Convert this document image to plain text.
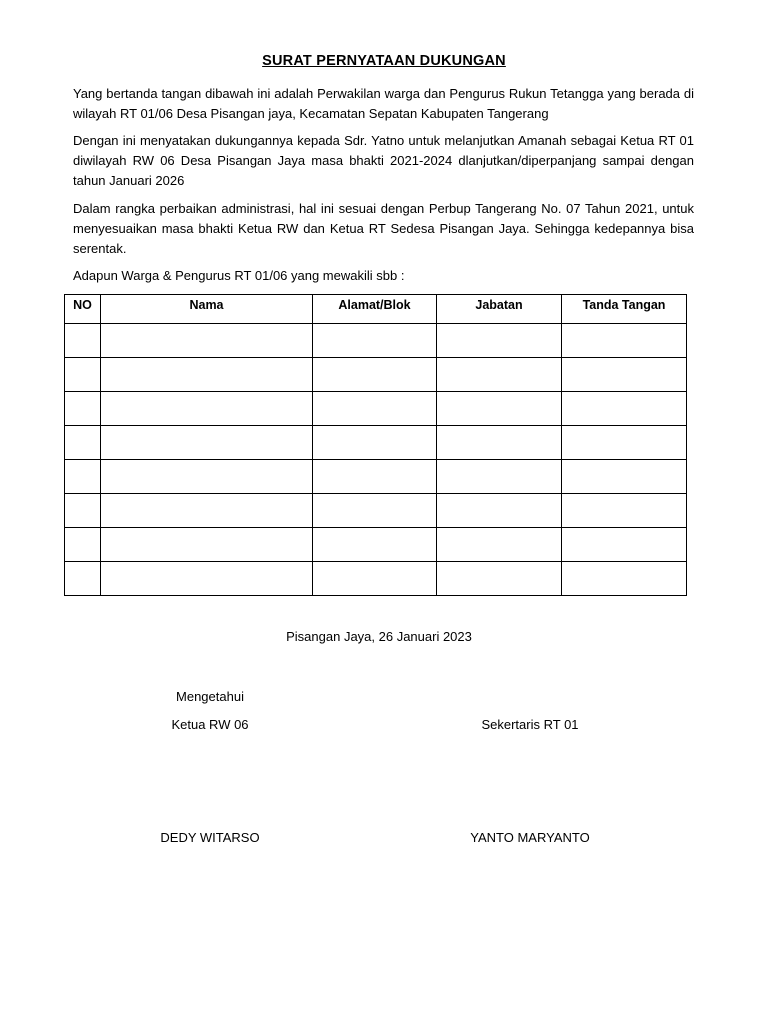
SURAT PERNYATAAN DUKUNGAN

Yang bertanda tangan dibawah ini adalah Perwakilan warga dan Pengurus Rukun Tetangga yang berada di wilayah RT 01/06 Desa Pisangan jaya, Kecamatan Sepatan Kabupaten Tangerang

Dengan ini menyatakan dukungannya kepada Sdr. Yatno untuk melanjutkan Amanah sebagai Ketua RT 01 diwilayah RW 06 Desa Pisangan Jaya masa bhakti 2021-2024 dlanjutkan/diperpanjang sampai dengan tahun Januari 2026

Dalam rangka perbaikan administrasi, hal ini sesuai dengan Perbup Tangerang No. 07 Tahun 2021, untuk menyesuaikan masa bhakti Ketua RW dan Ketua RT Sedesa Pisangan Jaya. Sehingga kedepannya bisa serentak.

Adapun Warga & Pengurus RT 01/06 yang mewakili sbb :

NO	Nama	Alamat/Blok	Jabatan	Tanda Tangan

Pisangan Jaya, 26 Januari 2023
Mengetahui
Ketua RW 06	Sekertaris RT 01
DEDY WITARSO	YANTO MARYANTO
